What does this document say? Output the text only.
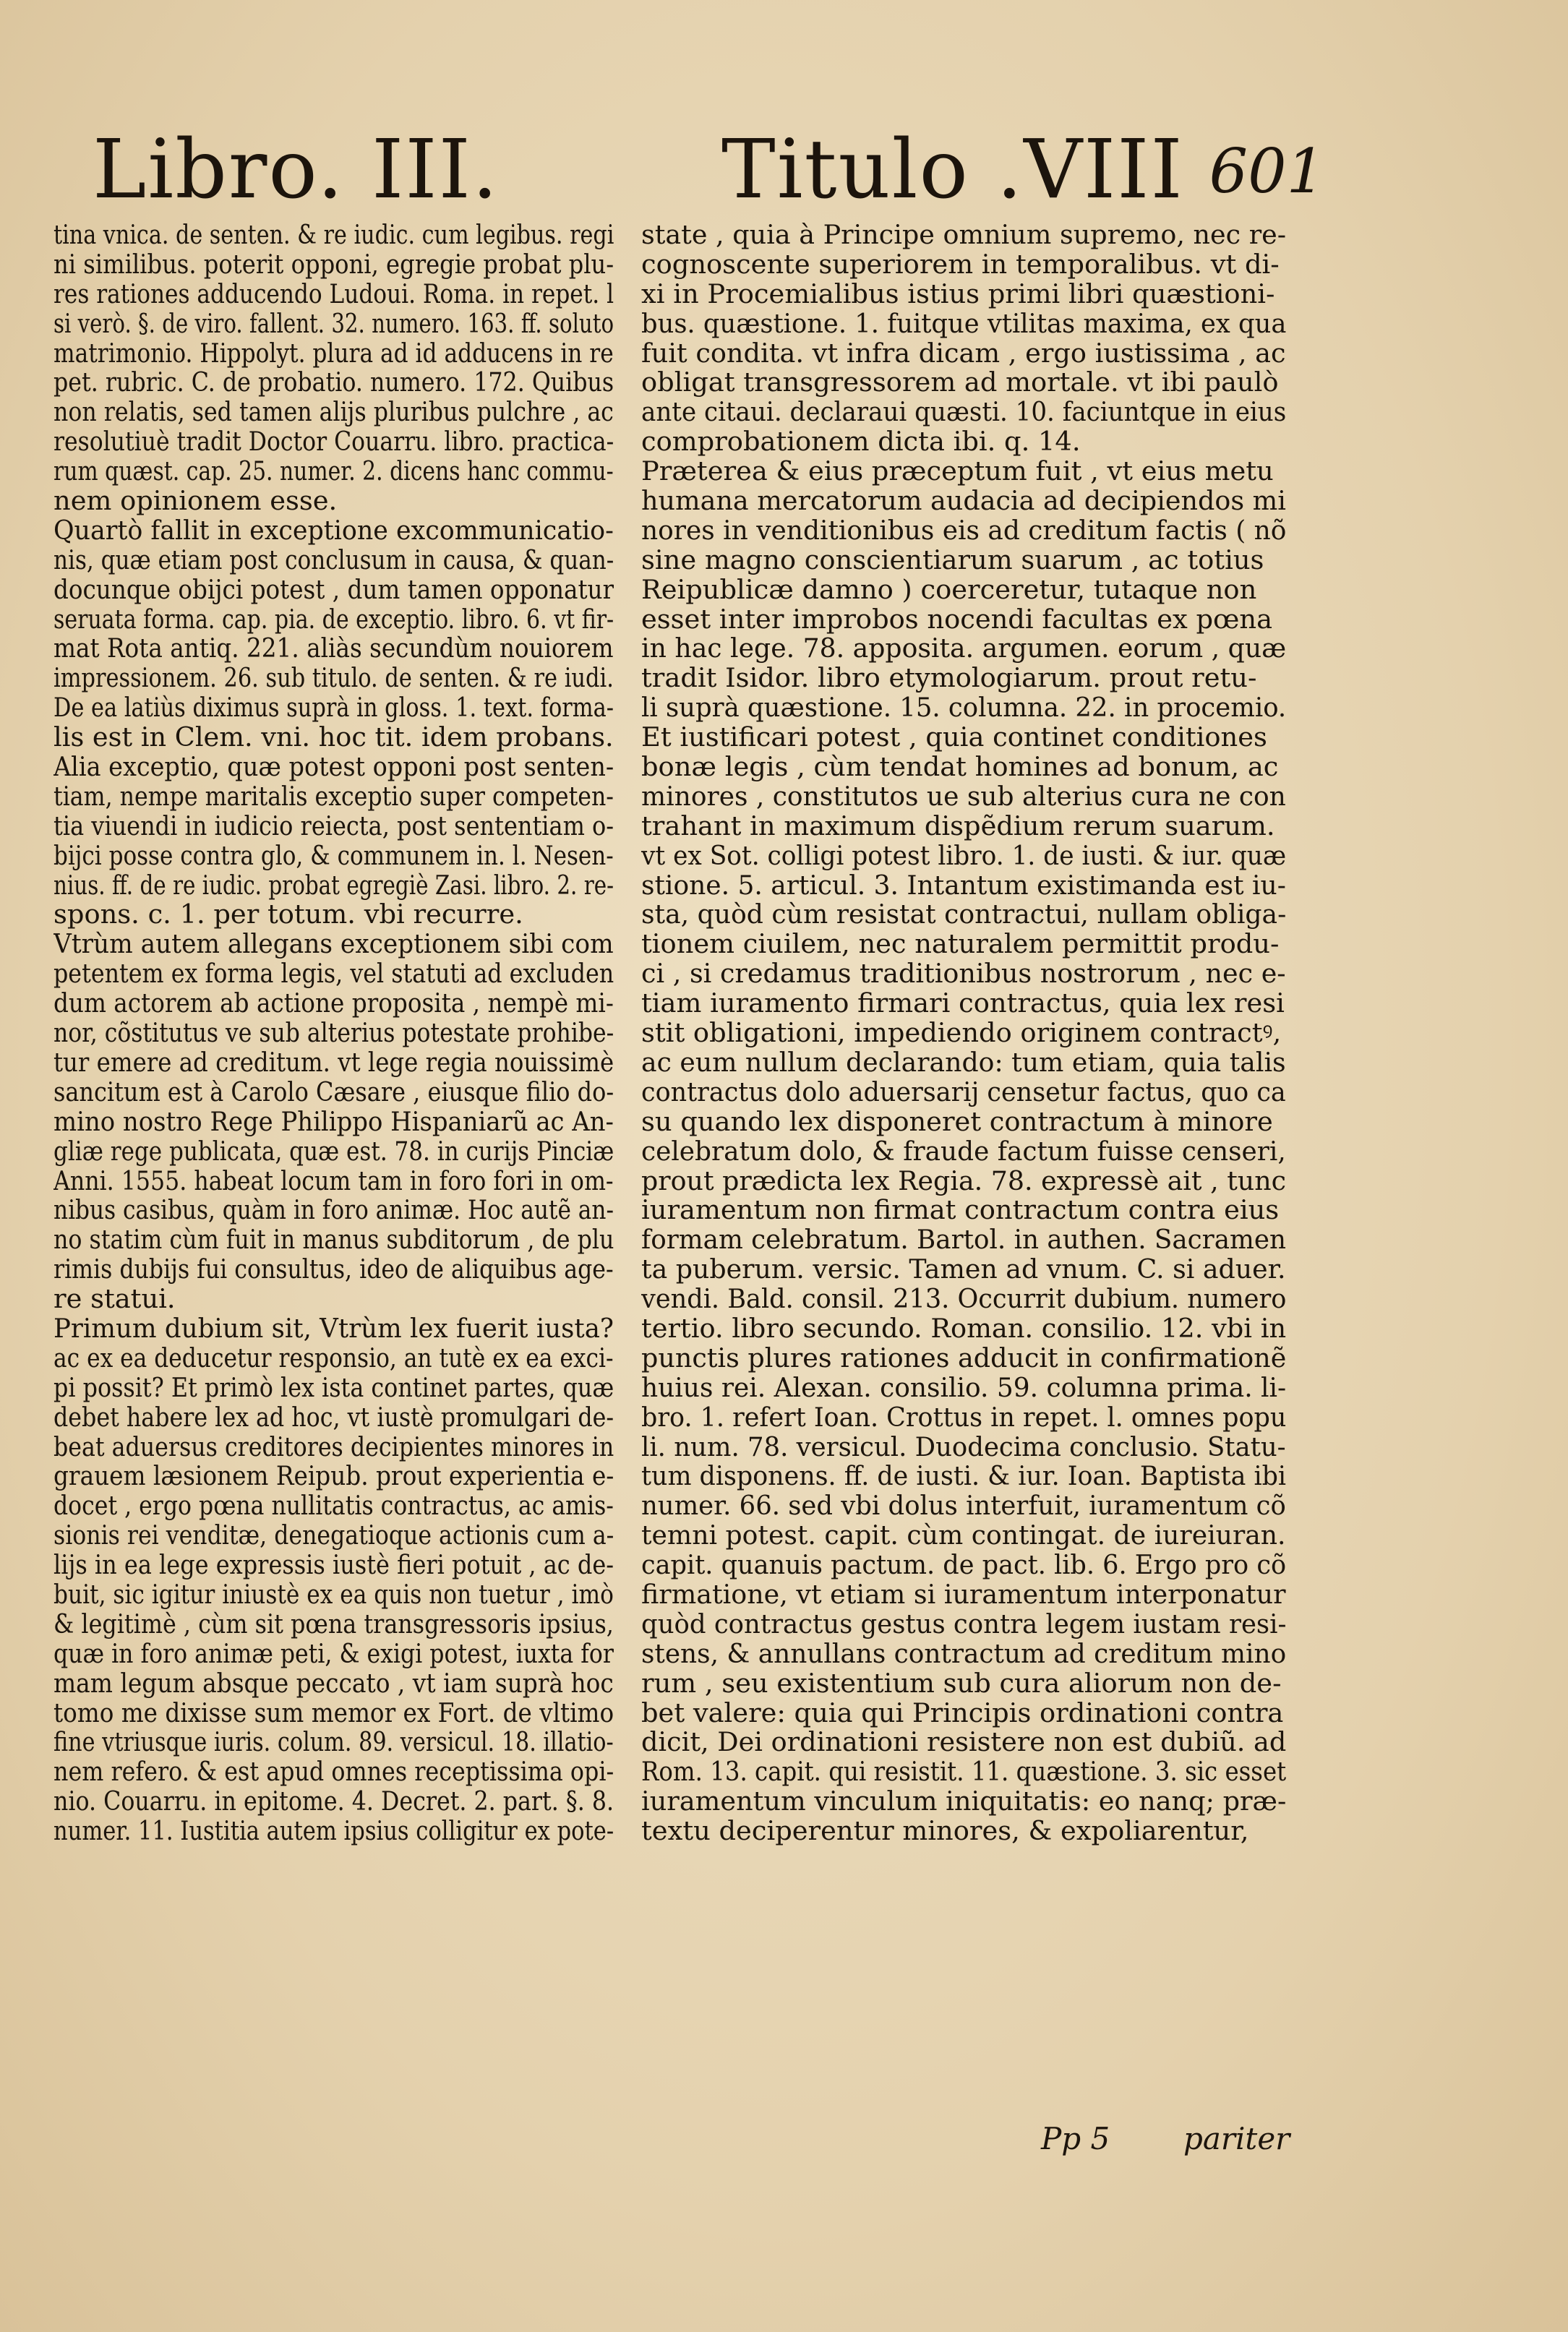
Libro. III.	Titulo .VIII 601
tina vnica. de senten. & re iudic. cum legibus. regi
ni similibus. poterit opponi, egregie probat plu-
res rationes adducendo Ludoui. Roma. in repet. l
si verò. §. de viro. fallent. 32. numero. 163. ff. soluto
matrimonio. Hippolyt. plura ad id adducens in re
pet. rubric. C. de probatio. numero. 172. Quibus
non relatis, sed tamen alijs pluribus pulchre , ac
resolutiuè tradit Doctor Couarru. libro. practica-
rum quæst. cap. 25. numer. 2. dicens hanc commu-
nem opinionem esse.
Quartò fallit in exceptione excommunicatio-
nis, quæ etiam post conclusum in causa, & quan-
docunque obijci potest , dum tamen opponatur
seruata forma. cap. pia. de exceptio. libro. 6. vt fir-
mat Rota antiq. 221. aliàs secundùm nouiorem
impressionem. 26. sub titulo. de senten. & re iudi.
De ea latiùs diximus suprà in gloss. 1. text. forma-
lis est in Clem. vni. hoc tit. idem probans.
Alia exceptio, quæ potest opponi post senten-
tiam, nempe maritalis exceptio super competen-
tia viuendi in iudicio reiecta, post sententiam o-
bijci posse contra glo, & communem in. l. Nesen-
nius. ff. de re iudic. probat egregiè Zasi. libro. 2. re-
spons. c. 1. per totum. vbi recurre.
Vtrùm autem allegans exceptionem sibi com
petentem ex forma legis, vel statuti ad excluden
dum actorem ab actione proposita , nempè mi-
nor, cõstitutus ve sub alterius potestate prohibe-
tur emere ad creditum. vt lege regia nouissimè
sancitum est à Carolo Cæsare , eiusque filio do-
mino nostro Rege Philippo Hispaniarũ ac An-
gliæ rege publicata, quæ est. 78. in curijs Pinciæ
Anni. 1555. habeat locum tam in foro fori in om-
nibus casibus, quàm in foro animæ. Hoc autẽ an-
no statim cùm fuit in manus subditorum , de plu
rimis dubijs fui consultus, ideo de aliquibus age-
re statui.
Primum dubium sit, Vtrùm lex fuerit iusta?
ac ex ea deducetur responsio, an tutè ex ea exci-
pi possit? Et primò lex ista continet partes, quæ
debet habere lex ad hoc, vt iustè promulgari de-
beat aduersus creditores decipientes minores in
grauem læsionem Reipub. prout experientia e-
docet , ergo pœna nullitatis contractus, ac amis-
sionis rei venditæ, denegatioque actionis cum a-
lijs in ea lege expressis iustè fieri potuit , ac de-
buit, sic igitur iniustè ex ea quis non tuetur , imò
& legitimè , cùm sit pœna transgressoris ipsius,
quæ in foro animæ peti, & exigi potest, iuxta for
mam legum absque peccato , vt iam suprà hoc
tomo me dixisse sum memor ex Fort. de vltimo
fine vtriusque iuris. colum. 89. versicul. 18. illatio-
nem refero. & est apud omnes receptissima opi-
nio. Couarru. in epitome. 4. Decret. 2. part. §. 8.
numer. 11. Iustitia autem ipsius colligitur ex pote-
state , quia à Principe omnium supremo, nec re-
cognoscente superiorem in temporalibus. vt di-
xi in Procemialibus istius primi libri quæstioni-
bus. quæstione. 1. fuitque vtilitas maxima, ex qua
fuit condita. vt infra dicam , ergo iustissima , ac
obligat transgressorem ad mortale. vt ibi paulò
ante citaui. declaraui quæsti. 10. faciuntque in eius
comprobationem dicta ibi. q. 14.
Præterea & eius præceptum fuit , vt eius metu
humana mercatorum audacia ad decipiendos mi
nores in venditionibus eis ad creditum factis ( nõ
sine magno conscientiarum suarum , ac totius
Reipublicæ damno ) coerceretur, tutaque non
esset inter improbos nocendi facultas ex pœna
in hac lege. 78. apposita. argumen. eorum , quæ
tradit Isidor. libro etymologiarum. prout retu-
li suprà quæstione. 15. columna. 22. in procemio.
Et iustificari potest , quia continet conditiones
bonæ legis , cùm tendat homines ad bonum, ac
minores , constitutos ue sub alterius cura ne con
trahant in maximum dispẽdium rerum suarum.
vt ex Sot. colligi potest libro. 1. de iusti. & iur. quæ
stione. 5. articul. 3. Intantum existimanda est iu-
sta, quòd cùm resistat contractui, nullam obliga-
tionem ciuilem, nec naturalem permittit produ-
ci , si credamus traditionibus nostrorum , nec e-
tiam iuramento firmari contractus, quia lex resi
stit obligationi, impediendo originem contractꝰ,
ac eum nullum declarando: tum etiam, quia talis
contractus dolo aduersarij censetur factus, quo ca
su quando lex disponeret contractum à minore
celebratum dolo, & fraude factum fuisse censeri,
prout prædicta lex Regia. 78. expressè ait , tunc
iuramentum non firmat contractum contra eius
formam celebratum. Bartol. in authen. Sacramen
ta puberum. versic. Tamen ad vnum. C. si aduer.
vendi. Bald. consil. 213. Occurrit dubium. numero
tertio. libro secundo. Roman. consilio. 12. vbi in
punctis plures rationes adducit in confirmationẽ
huius rei. Alexan. consilio. 59. columna prima. li-
bro. 1. refert Ioan. Crottus in repet. l. omnes popu
li. num. 78. versicul. Duodecima conclusio. Statu-
tum disponens. ff. de iusti. & iur. Ioan. Baptista ibi
numer. 66. sed vbi dolus interfuit, iuramentum cõ
temni potest. capit. cùm contingat. de iureiuran.
capit. quanuis pactum. de pact. lib. 6. Ergo pro cõ
firmatione, vt etiam si iuramentum interponatur
quòd contractus gestus contra legem iustam resi-
stens, & annullans contractum ad creditum mino
rum , seu existentium sub cura aliorum non de-
bet valere: quia qui Principis ordinationi contra
dicit, Dei ordinationi resistere non est dubiũ. ad
Rom. 13. capit. qui resistit. 11. quæstione. 3. sic esset
iuramentum vinculum iniquitatis: eo nanq; præ-
textu deciperentur minores, & expoliarentur,
Pp 5 pariter
